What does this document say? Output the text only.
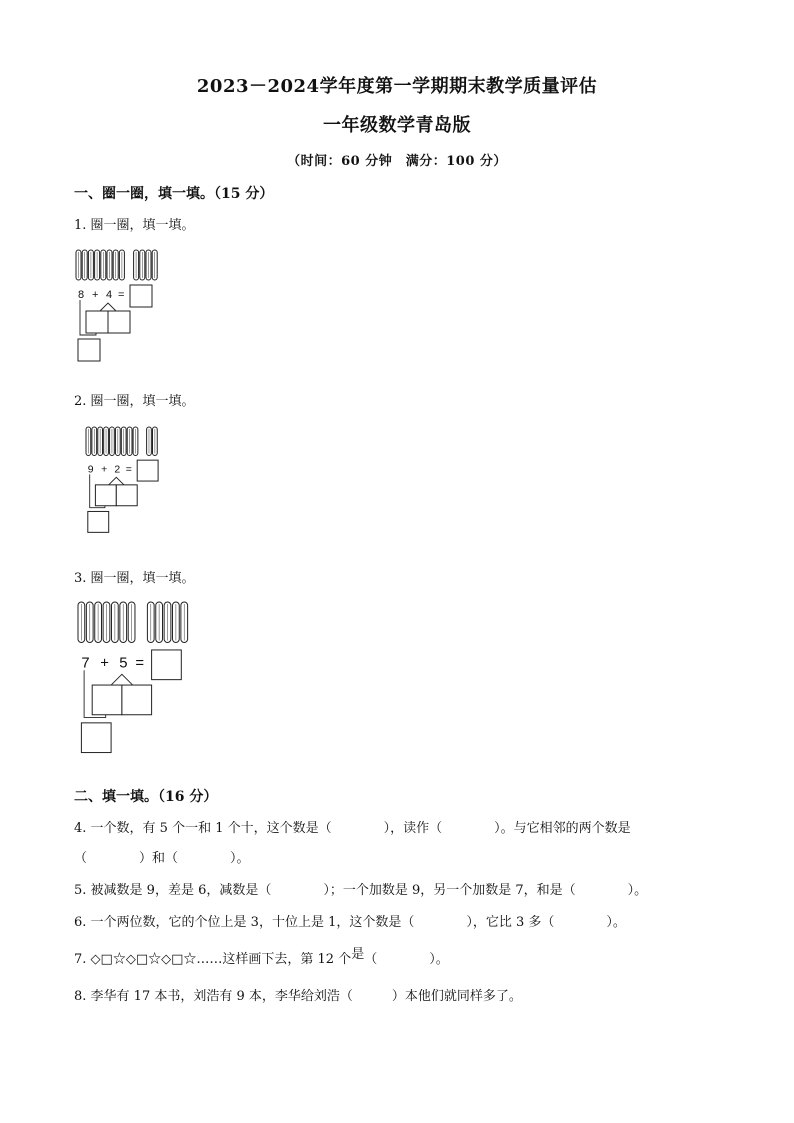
2023－2024学年度第一学期期末教学质量评估
一年级数学青岛版
（时间：60 分钟　满分：100 分）
一、圈一圈，填一填。（15 分）
1. 圈一圈，填一填。
8 + 4 =
2. 圈一圈，填一填。
9 + 2 =
3. 圈一圈，填一填。
7 + 5 =
二、填一填。（16 分）
4. 一个数，有 5 个一和 1 个十，这个数是（　　　　），读作（　　　　）。与它相邻的两个数是
（　　　　）和（　　　　）。
5. 被减数是 9，差是 6，减数是（　　　　）；一个加数是 9，另一个加数是 7，和是（　　　　）。
6. 一个两位数，它的个位上是 3，十位上是 1，这个数是（　　　　），它比 3 多（　　　　）。
7. ◇□☆◇□☆◇□☆……这样画下去，第 12 个是（　　　　）。
8. 李华有 17 本书，刘浩有 9 本，李华给刘浩（　　　）本他们就同样多了。
